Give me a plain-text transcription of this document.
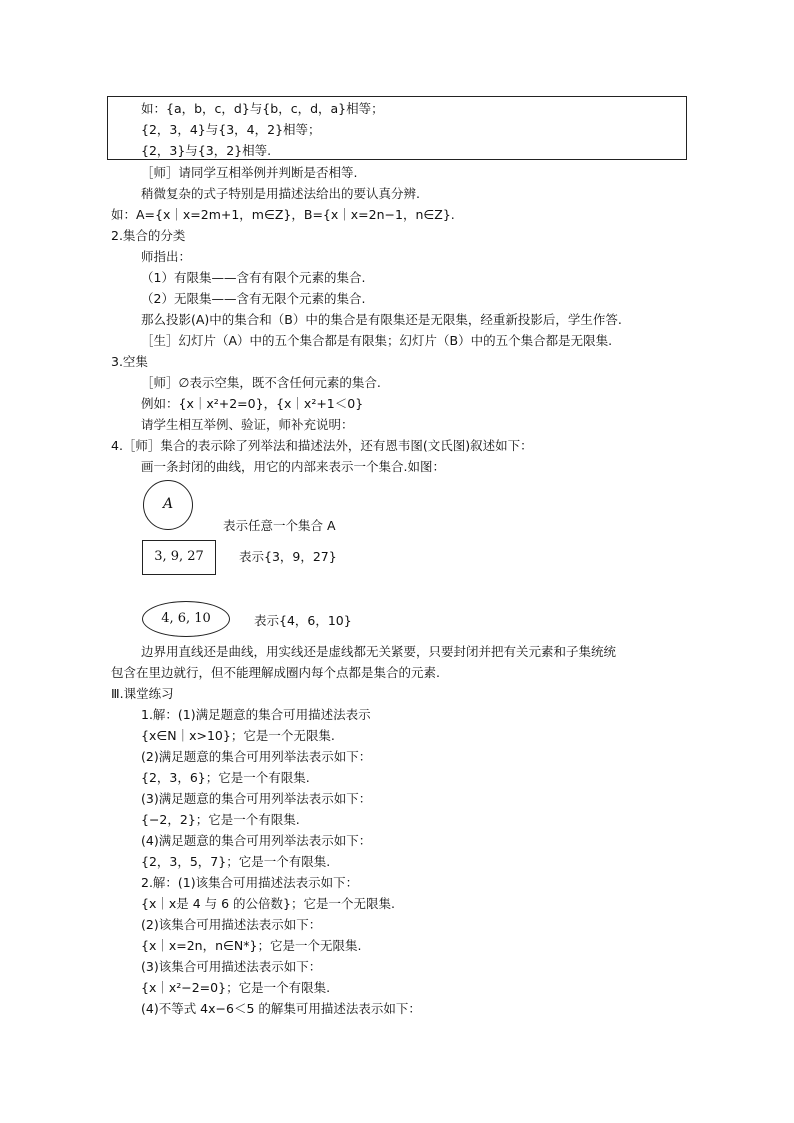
如：{a，b，c，d}与{b，c，d，a}相等；
{2，3，4}与{3，4，2}相等；
{2，3}与{3，2}相等.
［师］请同学互相举例并判断是否相等.
稍微复杂的式子特别是用描述法给出的要认真分辨.
如：A={x｜x=2m+1，m∈Z}，B={x｜x=2n−1，n∈Z}.
2.集合的分类
师指出：
（1）有限集——含有有限个元素的集合.
（2）无限集——含有无限个元素的集合.
那么投影(A)中的集合和（B）中的集合是有限集还是无限集，经重新投影后，学生作答.
［生］幻灯片（A）中的五个集合都是有限集；幻灯片（B）中的五个集合都是无限集.
3.空集
［师］∅表示空集，既不含任何元素的集合.
例如：{x｜x²+2=0}，{x｜x²+1＜0}
请学生相互举例、验证，师补充说明：
4.［师］集合的表示除了列举法和描述法外，还有恩韦图(文氏图)叙述如下：
画一条封闭的曲线，用它的内部来表示一个集合.如图：
A
表示任意一个集合 A
3, 9, 27	表示{3，9，27}
4, 6, 10	表示{4，6，10}
边界用直线还是曲线，用实线还是虚线都无关紧要，只要封闭并把有关元素和子集统统
包含在里边就行，但不能理解成圈内每个点都是集合的元素.
Ⅲ.课堂练习
1.解：(1)满足题意的集合可用描述法表示
{x∈N｜x>10}；它是一个无限集.
(2)满足题意的集合可用列举法表示如下：
{2，3，6}；它是一个有限集.
(3)满足题意的集合可用列举法表示如下：
{−2，2}；它是一个有限集.
(4)满足题意的集合可用列举法表示如下：
{2，3，5，7}；它是一个有限集.
2.解：(1)该集合可用描述法表示如下：
{x｜x是 4 与 6 的公倍数}；它是一个无限集.
(2)该集合可用描述法表示如下：
{x｜x=2n，n∈N*}；它是一个无限集.
(3)该集合可用描述法表示如下：
{x｜x²−2=0}；它是一个有限集.
(4)不等式 4x−6＜5 的解集可用描述法表示如下：
